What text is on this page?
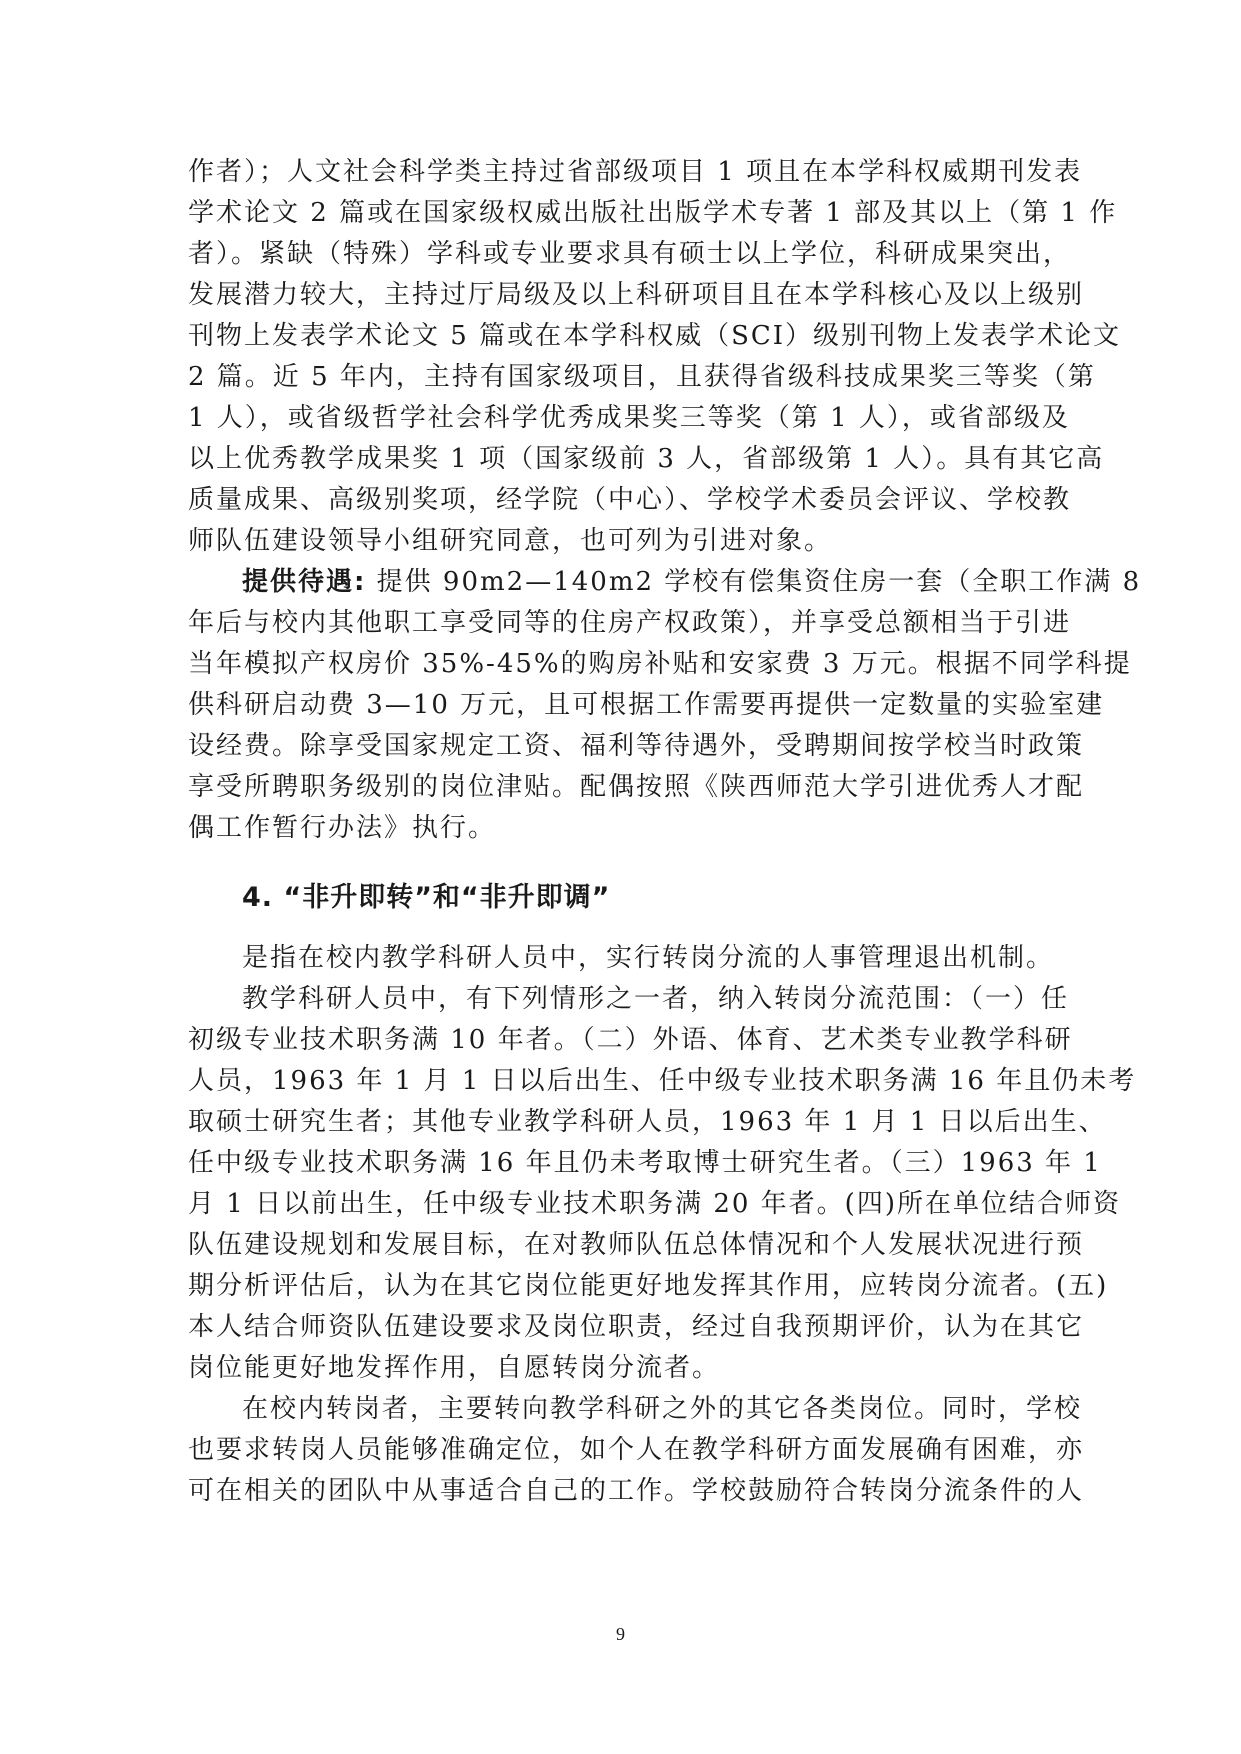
作者）；人文社会科学类主持过省部级项目 1 项且在本学科权威期刊发表
学术论文 2 篇或在国家级权威出版社出版学术专著 1 部及其以上（第 1 作
者）。紧缺（特殊）学科或专业要求具有硕士以上学位，科研成果突出，
发展潜力较大，主持过厅局级及以上科研项目且在本学科核心及以上级别
刊物上发表学术论文 5 篇或在本学科权威（SCI）级别刊物上发表学术论文
2 篇。近 5 年内，主持有国家级项目，且获得省级科技成果奖三等奖（第
1 人），或省级哲学社会科学优秀成果奖三等奖（第 1 人），或省部级及
以上优秀教学成果奖 1 项（国家级前 3 人，省部级第 1 人）。具有其它高
质量成果、高级别奖项，经学院（中心）、学校学术委员会评议、学校教
师队伍建设领导小组研究同意，也可列为引进对象。
提供待遇: 提供 90m2—140m2 学校有偿集资住房一套（全职工作满 8
年后与校内其他职工享受同等的住房产权政策），并享受总额相当于引进
当年模拟产权房价 35%-45%的购房补贴和安家费 3 万元。根据不同学科提
供科研启动费 3—10 万元，且可根据工作需要再提供一定数量的实验室建
设经费。除享受国家规定工资、福利等待遇外，受聘期间按学校当时政策
享受所聘职务级别的岗位津贴。配偶按照《陕西师范大学引进优秀人才配
偶工作暂行办法》执行。
4. “非升即转”和“非升即调”
是指在校内教学科研人员中，实行转岗分流的人事管理退出机制。
教学科研人员中，有下列情形之一者，纳入转岗分流范围：（一）任
初级专业技术职务满 10 年者。（二）外语、体育、艺术类专业教学科研
人员，1963 年 1 月 1 日以后出生、任中级专业技术职务满 16 年且仍未考
取硕士研究生者；其他专业教学科研人员，1963 年 1 月 1 日以后出生、
任中级专业技术职务满 16 年且仍未考取博士研究生者。（三）1963 年 1
月 1 日以前出生，任中级专业技术职务满 20 年者。(四)所在单位结合师资
队伍建设规划和发展目标，在对教师队伍总体情况和个人发展状况进行预
期分析评估后，认为在其它岗位能更好地发挥其作用，应转岗分流者。(五)
本人结合师资队伍建设要求及岗位职责，经过自我预期评价，认为在其它
岗位能更好地发挥作用，自愿转岗分流者。
在校内转岗者，主要转向教学科研之外的其它各类岗位。同时，学校
也要求转岗人员能够准确定位，如个人在教学科研方面发展确有困难，亦
可在相关的团队中从事适合自己的工作。学校鼓励符合转岗分流条件的人
9
